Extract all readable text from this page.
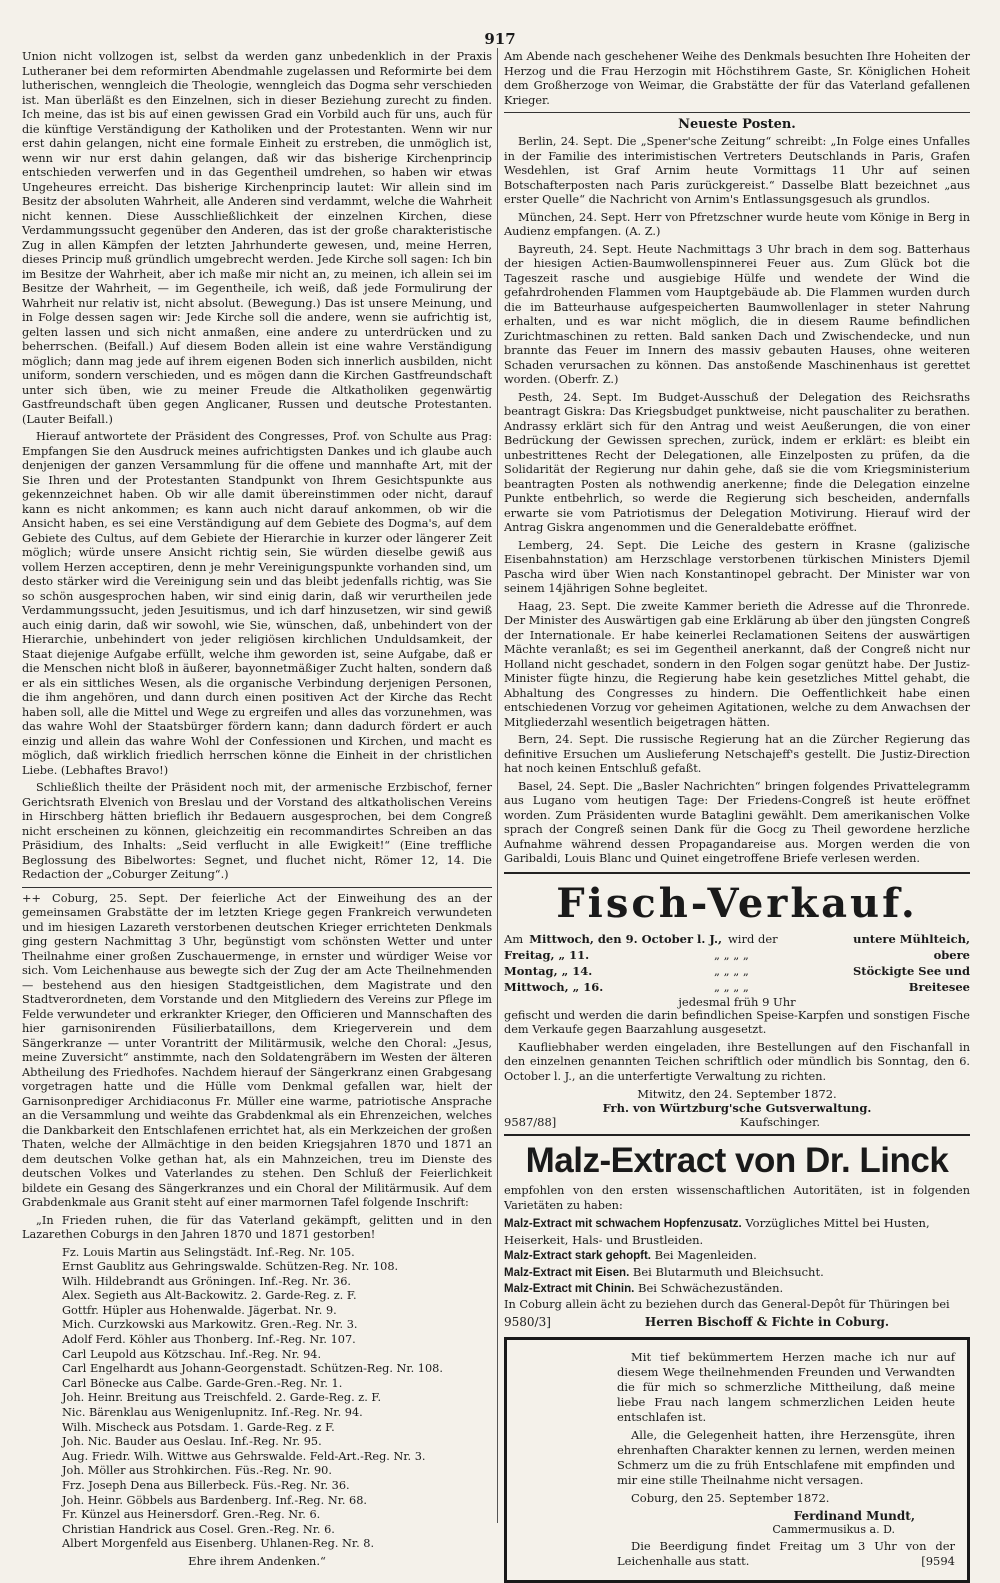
917

Union nicht vollzogen ist, selbst da werden ganz unbedenklich in der Praxis Lutheraner bei dem reformirten Abendmahle zugelassen und Reformirte bei dem lutherischen, wenngleich die Theologie, wenngleich das Dogma sehr verschieden ist. Man überläßt es den Einzelnen, sich in dieser Beziehung zurecht zu finden. Ich meine, das ist bis auf einen gewissen Grad ein Vorbild auch für uns, auch für die künftige Verständigung der Katholiken und der Protestanten. Wenn wir nur erst dahin gelangen, nicht eine formale Einheit zu erstreben, die unmöglich ist, wenn wir nur erst dahin gelangen, daß wir das bisherige Kirchenprincip entschieden verwerfen und in das Gegentheil umdrehen, so haben wir etwas Ungeheures erreicht. Das bisherige Kirchenprincip lautet: Wir allein sind im Besitz der absoluten Wahrheit, alle Anderen sind verdammt, welche die Wahrheit nicht kennen. Diese Ausschließlichkeit der einzelnen Kirchen, diese Verdammungssucht gegenüber den Anderen, das ist der große charakteristische Zug in allen Kämpfen der letzten Jahrhunderte gewesen, und, meine Herren, dieses Princip muß gründlich umgebrecht werden. Jede Kirche soll sagen: Ich bin im Besitze der Wahrheit, aber ich maße mir nicht an, zu meinen, ich allein sei im Besitze der Wahrheit, — im Gegentheile, ich weiß, daß jede Formulirung der Wahrheit nur relativ ist, nicht absolut. (Bewegung.) Das ist unsere Meinung, und in Folge dessen sagen wir: Jede Kirche soll die andere, wenn sie aufrichtig ist, gelten lassen und sich nicht anmaßen, eine andere zu unterdrücken und zu beherrschen. (Beifall.) Auf diesem Boden allein ist eine wahre Verständigung möglich; dann mag jede auf ihrem eigenen Boden sich innerlich ausbilden, nicht uniform, sondern verschieden, und es mögen dann die Kirchen Gastfreundschaft unter sich üben, wie zu meiner Freude die Altkatholiken gegenwärtig Gastfreundschaft üben gegen Anglicaner, Russen und deutsche Protestanten. (Lauter Beifall.)

Hierauf antwortete der Präsident des Congresses, Prof. von Schulte aus Prag: Empfangen Sie den Ausdruck meines aufrichtigsten Dankes und ich glaube auch denjenigen der ganzen Versammlung für die offene und mannhafte Art, mit der Sie Ihren und der Protestanten Standpunkt von Ihrem Gesichtspunkte aus gekennzeichnet haben. Ob wir alle damit übereinstimmen oder nicht, darauf kann es nicht ankommen; es kann auch nicht darauf ankommen, ob wir die Ansicht haben, es sei eine Verständigung auf dem Gebiete des Dogma's, auf dem Gebiete des Cultus, auf dem Gebiete der Hierarchie in kurzer oder längerer Zeit möglich; würde unsere Ansicht richtig sein, Sie würden dieselbe gewiß aus vollem Herzen acceptiren, denn je mehr Vereinigungspunkte vorhanden sind, um desto stärker wird die Vereinigung sein und das bleibt jedenfalls richtig, was Sie so schön ausgesprochen haben, wir sind einig darin, daß wir verurtheilen jede Verdammungssucht, jeden Jesuitismus, und ich darf hinzusetzen, wir sind gewiß auch einig darin, daß wir sowohl, wie Sie, wünschen, daß, unbehindert von der Hierarchie, unbehindert von jeder religiösen kirchlichen Unduldsamkeit, der Staat diejenige Aufgabe erfüllt, welche ihm geworden ist, seine Aufgabe, daß er die Menschen nicht bloß in äußerer, bayonnetmäßiger Zucht halten, sondern daß er als ein sittliches Wesen, als die organische Verbindung derjenigen Personen, die ihm angehören, und dann durch einen positiven Act der Kirche das Recht haben soll, alle die Mittel und Wege zu ergreifen und alles das vorzunehmen, was das wahre Wohl der Staatsbürger fördern kann; dann dadurch fördert er auch einzig und allein das wahre Wohl der Confessionen und Kirchen, und macht es möglich, daß wirklich friedlich herrschen könne die Einheit in der christlichen Liebe. (Lebhaftes Bravo!)

Schließlich theilte der Präsident noch mit, der armenische Erzbischof, ferner Gerichtsrath Elvenich von Breslau und der Vorstand des altkatholischen Vereins in Hirschberg hätten brieflich ihr Bedauern ausgesprochen, bei dem Congreß nicht erscheinen zu können, gleichzeitig ein recommandirtes Schreiben an das Präsidium, des Inhalts: „Seid verflucht in alle Ewigkeit!“ (Eine treffliche Beglossung des Bibelwortes: Segnet, und fluchet nicht, Römer 12, 14. Die Redaction der „Coburger Zeitung“.)

++ Coburg, 25. Sept. Der feierliche Act der Einweihung des an der gemeinsamen Grabstätte der im letzten Kriege gegen Frankreich verwundeten und im hiesigen Lazareth verstorbenen deutschen Krieger errichteten Denkmals ging gestern Nachmittag 3 Uhr, begünstigt vom schönsten Wetter und unter Theilnahme einer großen Zuschauermenge, in ernster und würdiger Weise vor sich. Vom Leichenhause aus bewegte sich der Zug der am Acte Theilnehmenden — bestehend aus den hiesigen Stadtgeistlichen, dem Magistrate und den Stadtverordneten, dem Vorstande und den Mitgliedern des Vereins zur Pflege im Felde verwundeter und erkrankter Krieger, den Officieren und Mannschaften des hier garnisonirenden Füsilierbataillons, dem Kriegerverein und dem Sängerkranze — unter Vorantritt der Militärmusik, welche den Choral: „Jesus, meine Zuversicht“ anstimmte, nach den Soldatengräbern im Westen der älteren Abtheilung des Friedhofes. Nachdem hierauf der Sängerkranz einen Grabgesang vorgetragen hatte und die Hülle vom Denkmal gefallen war, hielt der Garnisonprediger Archidiaconus Fr. Müller eine warme, patriotische Ansprache an die Versammlung und weihte das Grabdenkmal als ein Ehrenzeichen, welches die Dankbarkeit den Entschlafenen errichtet hat, als ein Merkzeichen der großen Thaten, welche der Allmächtige in den beiden Kriegsjahren 1870 und 1871 an dem deutschen Volke gethan hat, als ein Mahnzeichen, treu im Dienste des deutschen Volkes und Vaterlandes zu stehen. Den Schluß der Feierlichkeit bildete ein Gesang des Sängerkranzes und ein Choral der Militärmusik. Auf dem Grabdenkmale aus Granit steht auf einer marmornen Tafel folgende Inschrift:

„In Frieden ruhen, die für das Vaterland gekämpft, gelitten und in den Lazarethen Coburgs in den Jahren 1870 und 1871 gestorben!

Fz. Louis Martin aus Selingstädt. Inf.-Reg. Nr. 105.
Ernst Gaublitz aus Gehringswalde. Schützen-Reg. Nr. 108.
Wilh. Hildebrandt aus Gröningen. Inf.-Reg. Nr. 36.
Alex. Segieth aus Alt-Backowitz. 2. Garde-Reg. z. F.
Gottfr. Hüpler aus Hohenwalde. Jägerbat. Nr. 9.
Mich. Curzkowski aus Markowitz. Gren.-Reg. Nr. 3.
Adolf Ferd. Köhler aus Thonberg. Inf.-Reg. Nr. 107.
Carl Leupold aus Kötzschau. Inf.-Reg. Nr. 94.
Carl Engelhardt aus Johann-Georgenstadt. Schützen-Reg. Nr. 108.
Carl Bönecke aus Calbe. Garde-Gren.-Reg. Nr. 1.
Joh. Heinr. Breitung aus Treischfeld. 2. Garde-Reg. z. F.
Nic. Bärenklau aus Wenigenlupnitz. Inf.-Reg. Nr. 94.
Wilh. Mischeck aus Potsdam. 1. Garde-Reg. z F.
Joh. Nic. Bauder aus Oeslau. Inf.-Reg. Nr. 95.
Aug. Friedr. Wilh. Wittwe aus Gehrswalde. Feld-Art.-Reg. Nr. 3.
Joh. Möller aus Strohkirchen. Füs.-Reg. Nr. 90.
Frz. Joseph Dena aus Billerbeck. Füs.-Reg. Nr. 36.
Joh. Heinr. Göbbels aus Bardenberg. Inf.-Reg. Nr. 68.
Fr. Künzel aus Heinersdorf. Gren.-Reg. Nr. 6.
Christian Handrick aus Cosel. Gren.-Reg. Nr. 6.
Albert Morgenfeld aus Eisenberg. Uhlanen-Reg. Nr. 8.
Ehre ihrem Andenken.“

Am Abende nach geschehener Weihe des Denkmals besuchten Ihre Hoheiten der Herzog und die Frau Herzogin mit Höchstihrem Gaste, Sr. Königlichen Hoheit dem Großherzoge von Weimar, die Grabstätte der für das Vaterland gefallenen Krieger.

Neueste Posten.

Berlin, 24. Sept. Die „Spener'sche Zeitung“ schreibt: „In Folge eines Unfalles in der Familie des interimistischen Vertreters Deutschlands in Paris, Grafen Wesdehlen, ist Graf Arnim heute Vormittags 11 Uhr auf seinen Botschafterposten nach Paris zurückgereist.“ Dasselbe Blatt bezeichnet „aus erster Quelle“ die Nachricht von Arnim's Entlassungsgesuch als grundlos.

München, 24. Sept. Herr von Pfretzschner wurde heute vom Könige in Berg in Audienz empfangen. (A. Z.)

Bayreuth, 24. Sept. Heute Nachmittags 3 Uhr brach in dem sog. Batterhaus der hiesigen Actien-Baumwollenspinnerei Feuer aus. Zum Glück bot die Tageszeit rasche und ausgiebige Hülfe und wendete der Wind die gefahrdrohenden Flammen vom Hauptgebäude ab. Die Flammen wurden durch die im Batteurhause aufgespeicherten Baumwollenlager in steter Nahrung erhalten, und es war nicht möglich, die in diesem Raume befindlichen Zurichtmaschinen zu retten. Bald sanken Dach und Zwischendecke, und nun brannte das Feuer im Innern des massiv gebauten Hauses, ohne weiteren Schaden verursachen zu können. Das anstoßende Maschinenhaus ist gerettet worden. (Oberfr. Z.)

Pesth, 24. Sept. Im Budget-Ausschuß der Delegation des Reichsraths beantragt Giskra: Das Kriegsbudget punktweise, nicht pauschaliter zu berathen. Andrassy erklärt sich für den Antrag und weist Aeußerungen, die von einer Bedrückung der Gewissen sprechen, zurück, indem er erklärt: es bleibt ein unbestrittenes Recht der Delegationen, alle Einzelposten zu prüfen, da die Solidarität der Regierung nur dahin gehe, daß sie die vom Kriegsministerium beantragten Posten als nothwendig anerkenne; finde die Delegation einzelne Punkte entbehrlich, so werde die Regierung sich bescheiden, andernfalls erwarte sie vom Patriotismus der Delegation Motivirung. Hierauf wird der Antrag Giskra angenommen und die Generaldebatte eröffnet.

Lemberg, 24. Sept. Die Leiche des gestern in Krasne (galizische Eisenbahnstation) am Herzschlage verstorbenen türkischen Ministers Djemil Pascha wird über Wien nach Konstantinopel gebracht. Der Minister war von seinem 14jährigen Sohne begleitet.

Haag, 23. Sept. Die zweite Kammer berieth die Adresse auf die Thronrede. Der Minister des Auswärtigen gab eine Erklärung ab über den jüngsten Congreß der Internationale. Er habe keinerlei Reclamationen Seitens der auswärtigen Mächte veranlaßt; es sei im Gegentheil anerkannt, daß der Congreß nicht nur Holland nicht geschadet, sondern in den Folgen sogar genützt habe. Der Justiz-Minister fügte hinzu, die Regierung habe kein gesetzliches Mittel gehabt, die Abhaltung des Congresses zu hindern. Die Oeffentlichkeit habe einen entschiedenen Vorzug vor geheimen Agitationen, welche zu dem Anwachsen der Mitgliederzahl wesentlich beigetragen hätten.

Bern, 24. Sept. Die russische Regierung hat an die Zürcher Regierung das definitive Ersuchen um Auslieferung Netschajeff's gestellt. Die Justiz-Direction hat noch keinen Entschluß gefaßt.

Basel, 24. Sept. Die „Basler Nachrichten“ bringen folgendes Privattelegramm aus Lugano vom heutigen Tage: Der Friedens-Congreß ist heute eröffnet worden. Zum Präsidenten wurde Bataglini gewählt. Dem amerikanischen Volke sprach der Congreß seinen Dank für die Gocg zu Theil gewordene herzliche Aufnahme während dessen Propagandareise aus. Morgen werden die von Garibaldi, Louis Blanc und Quinet eingetroffene Briefe verlesen werden.

Fisch-Verkauf.
Am Mittwoch, den 9. October l. J., wird der	untere Mühlteich,
Freitag, „ 11.	„ „ „ „	obere
Montag, „ 14.	„ „ „ „	Stöckigte See und
Mittwoch, „ 16.	„ „ „ „	Breitesee
jedesmal früh 9 Uhr

gefischt und werden die darin befindlichen Speise-Karpfen und sonstigen Fische dem Verkaufe gegen Baarzahlung ausgesetzt.

Kaufliebhaber werden eingeladen, ihre Bestellungen auf den Fischanfall in den einzelnen genannten Teichen schriftlich oder mündlich bis Sonntag, den 6. October l. J., an die unterfertigte Verwaltung zu richten.

Mitwitz, den 24. September 1872.
Frh. von Würtzburg'sche Gutsverwaltung.
9587/88]	Kaufschinger.
Malz-Extract von Dr. Linck

empfohlen von den ersten wissenschaftlichen Autoritäten, ist in folgenden Varietäten zu haben:

Malz-Extract mit schwachem Hopfenzusatz. Vorzügliches Mittel bei Husten, Heiserkeit, Hals- und Brustleiden.
Malz-Extract stark gehopft. Bei Magenleiden.
Malz-Extract mit Eisen. Bei Blutarmuth und Bleichsucht.
Malz-Extract mit Chinin. Bei Schwächezuständen.

In Coburg allein ächt zu beziehen durch das General-Depôt für Thüringen bei

9580/3]	Herren Bischoff & Fichte in Coburg.

Mit tief bekümmertem Herzen mache ich nur auf diesem Wege theilnehmenden Freunden und Verwandten die für mich so schmerzliche Mittheilung, daß meine liebe Frau nach langem schmerzlichen Leiden heute entschlafen ist.

Alle, die Gelegenheit hatten, ihre Herzensgüte, ihren ehrenhaften Charakter kennen zu lernen, werden meinen Schmerz um die zu früh Entschlafene mit empfinden und mir eine stille Theilnahme nicht versagen.

Coburg, den 25. September 1872.

Ferdinand Mundt,
Cammermusikus a. D.

Die Beerdigung findet Freitag um 3 Uhr von der Leichenhalle aus statt.	[9594
